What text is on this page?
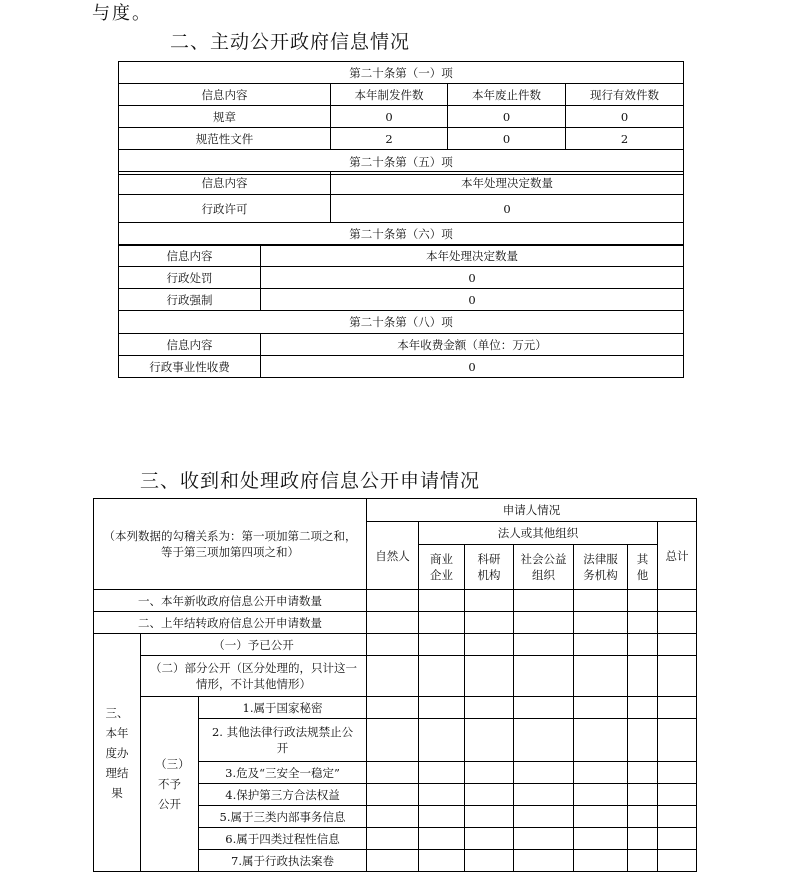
与度。
二、主动公开政府信息情况
第二十条第（一）项			
信息内容	本年制发件数	本年废止件数	现行有效件数
规章	0	0	0
规范性文件	2	0	2
第二十条第（五）项			
信息内容	本年处理决定数量
行政许可	0
第二十条第（六）项	
信息内容	本年处理决定数量
行政处罚	0
行政强制	0
第二十条第（八）项	
信息内容	本年收费金额（单位：万元）
行政事业性收费	0
三、收到和处理政府信息公开申请情况
（本列数据的勾稽关系为：第一项加第二项之和，等于第三项加第四项之和）			申请人情况						
			自然人	法人或其他组织					总计
				商业企业	科研机构	社会公益组织	法律服务机构	其他	
一、本年新收政府信息公开申请数量									
二、上年结转政府信息公开申请数量									
三、本年度办理结果	（一）予已公开								
	（二）部分公开（区分处理的，只计这一情形，不计其他情形）								
	（三）不予公开	1.属于国家秘密							
		2. 其他法律行政法规禁止公开							
		3.危及“三安全一稳定”							
		4.保护第三方合法权益							
		5.属于三类内部事务信息							
		6.属于四类过程性信息							
		7.属于行政执法案卷							
